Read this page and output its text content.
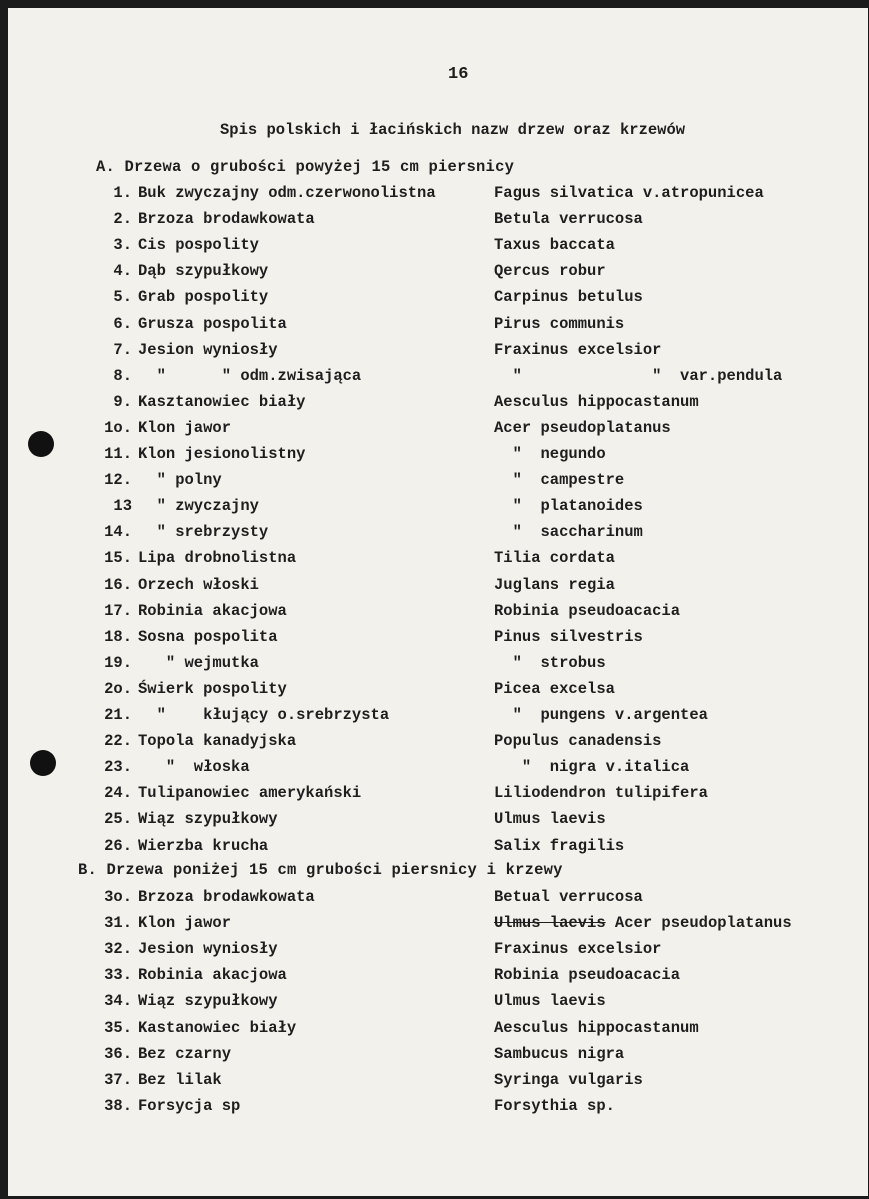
16
Spis polskich i łacińskich nazw drzew oraz krzewów
A. Drzewa o grubości powyżej 15 cm piersnicy
1. Buk zwyczajny odm.czerwonolistna	Fagus silvatica v.atropunicea
2. Brzoza brodawkowata	Betula verrucosa
3. Cis pospolity	Taxus baccata
4. Dąb szypułkowy	Qercus robur
5. Grab pospolity	Carpinus betulus
6. Grusza pospolita	Pirus communis
7. Jesion wyniosły	Fraxinus excelsior
8. "      " odm.zwisająca	"              "  var.pendula
9. Kasztanowiec biały	Aesculus hippocastanum
1o. Klon jawor	Acer pseudoplatanus
11. Klon jesionolistny	"  negundo
12. " polny	"  campestre
13 " zwyczajny	"  platanoides
14. " srebrzysty	"  saccharinum
15. Lipa drobnolistna	Tilia cordata
16. Orzech włoski	Juglans regia
17. Robinia akacjowa	Robinia pseudoacacia
18. Sosna pospolita	Pinus silvestris
19. " wejmutka	"  strobus
2o. Świerk pospolity	Picea excelsa
21. "    kłujący o.srebrzysta	"  pungens v.argentea
22. Topola kanadyjska	Populus canadensis
23. "  włoska	"  nigra v.italica
24. Tulipanowiec amerykański	Liliodendron tulipifera
25. Wiąz szypułkowy	Ulmus laevis
26. Wierzba krucha	Salix fragilis
B. Drzewa poniżej 15 cm grubości piersnicy i krzewy
3o. Brzoza brodawkowata	Betual verrucosa
31. Klon jawor	Ulmus laevis Acer pseudoplatanus
32. Jesion wyniosły	Fraxinus excelsior
33. Robinia akacjowa	Robinia pseudoacacia
34. Wiąz szypułkowy	Ulmus laevis
35. Kastanowiec biały	Aesculus hippocastanum
36. Bez czarny	Sambucus nigra
37. Bez lilak	Syringa vulgaris
38. Forsycja sp	Forsythia sp.
